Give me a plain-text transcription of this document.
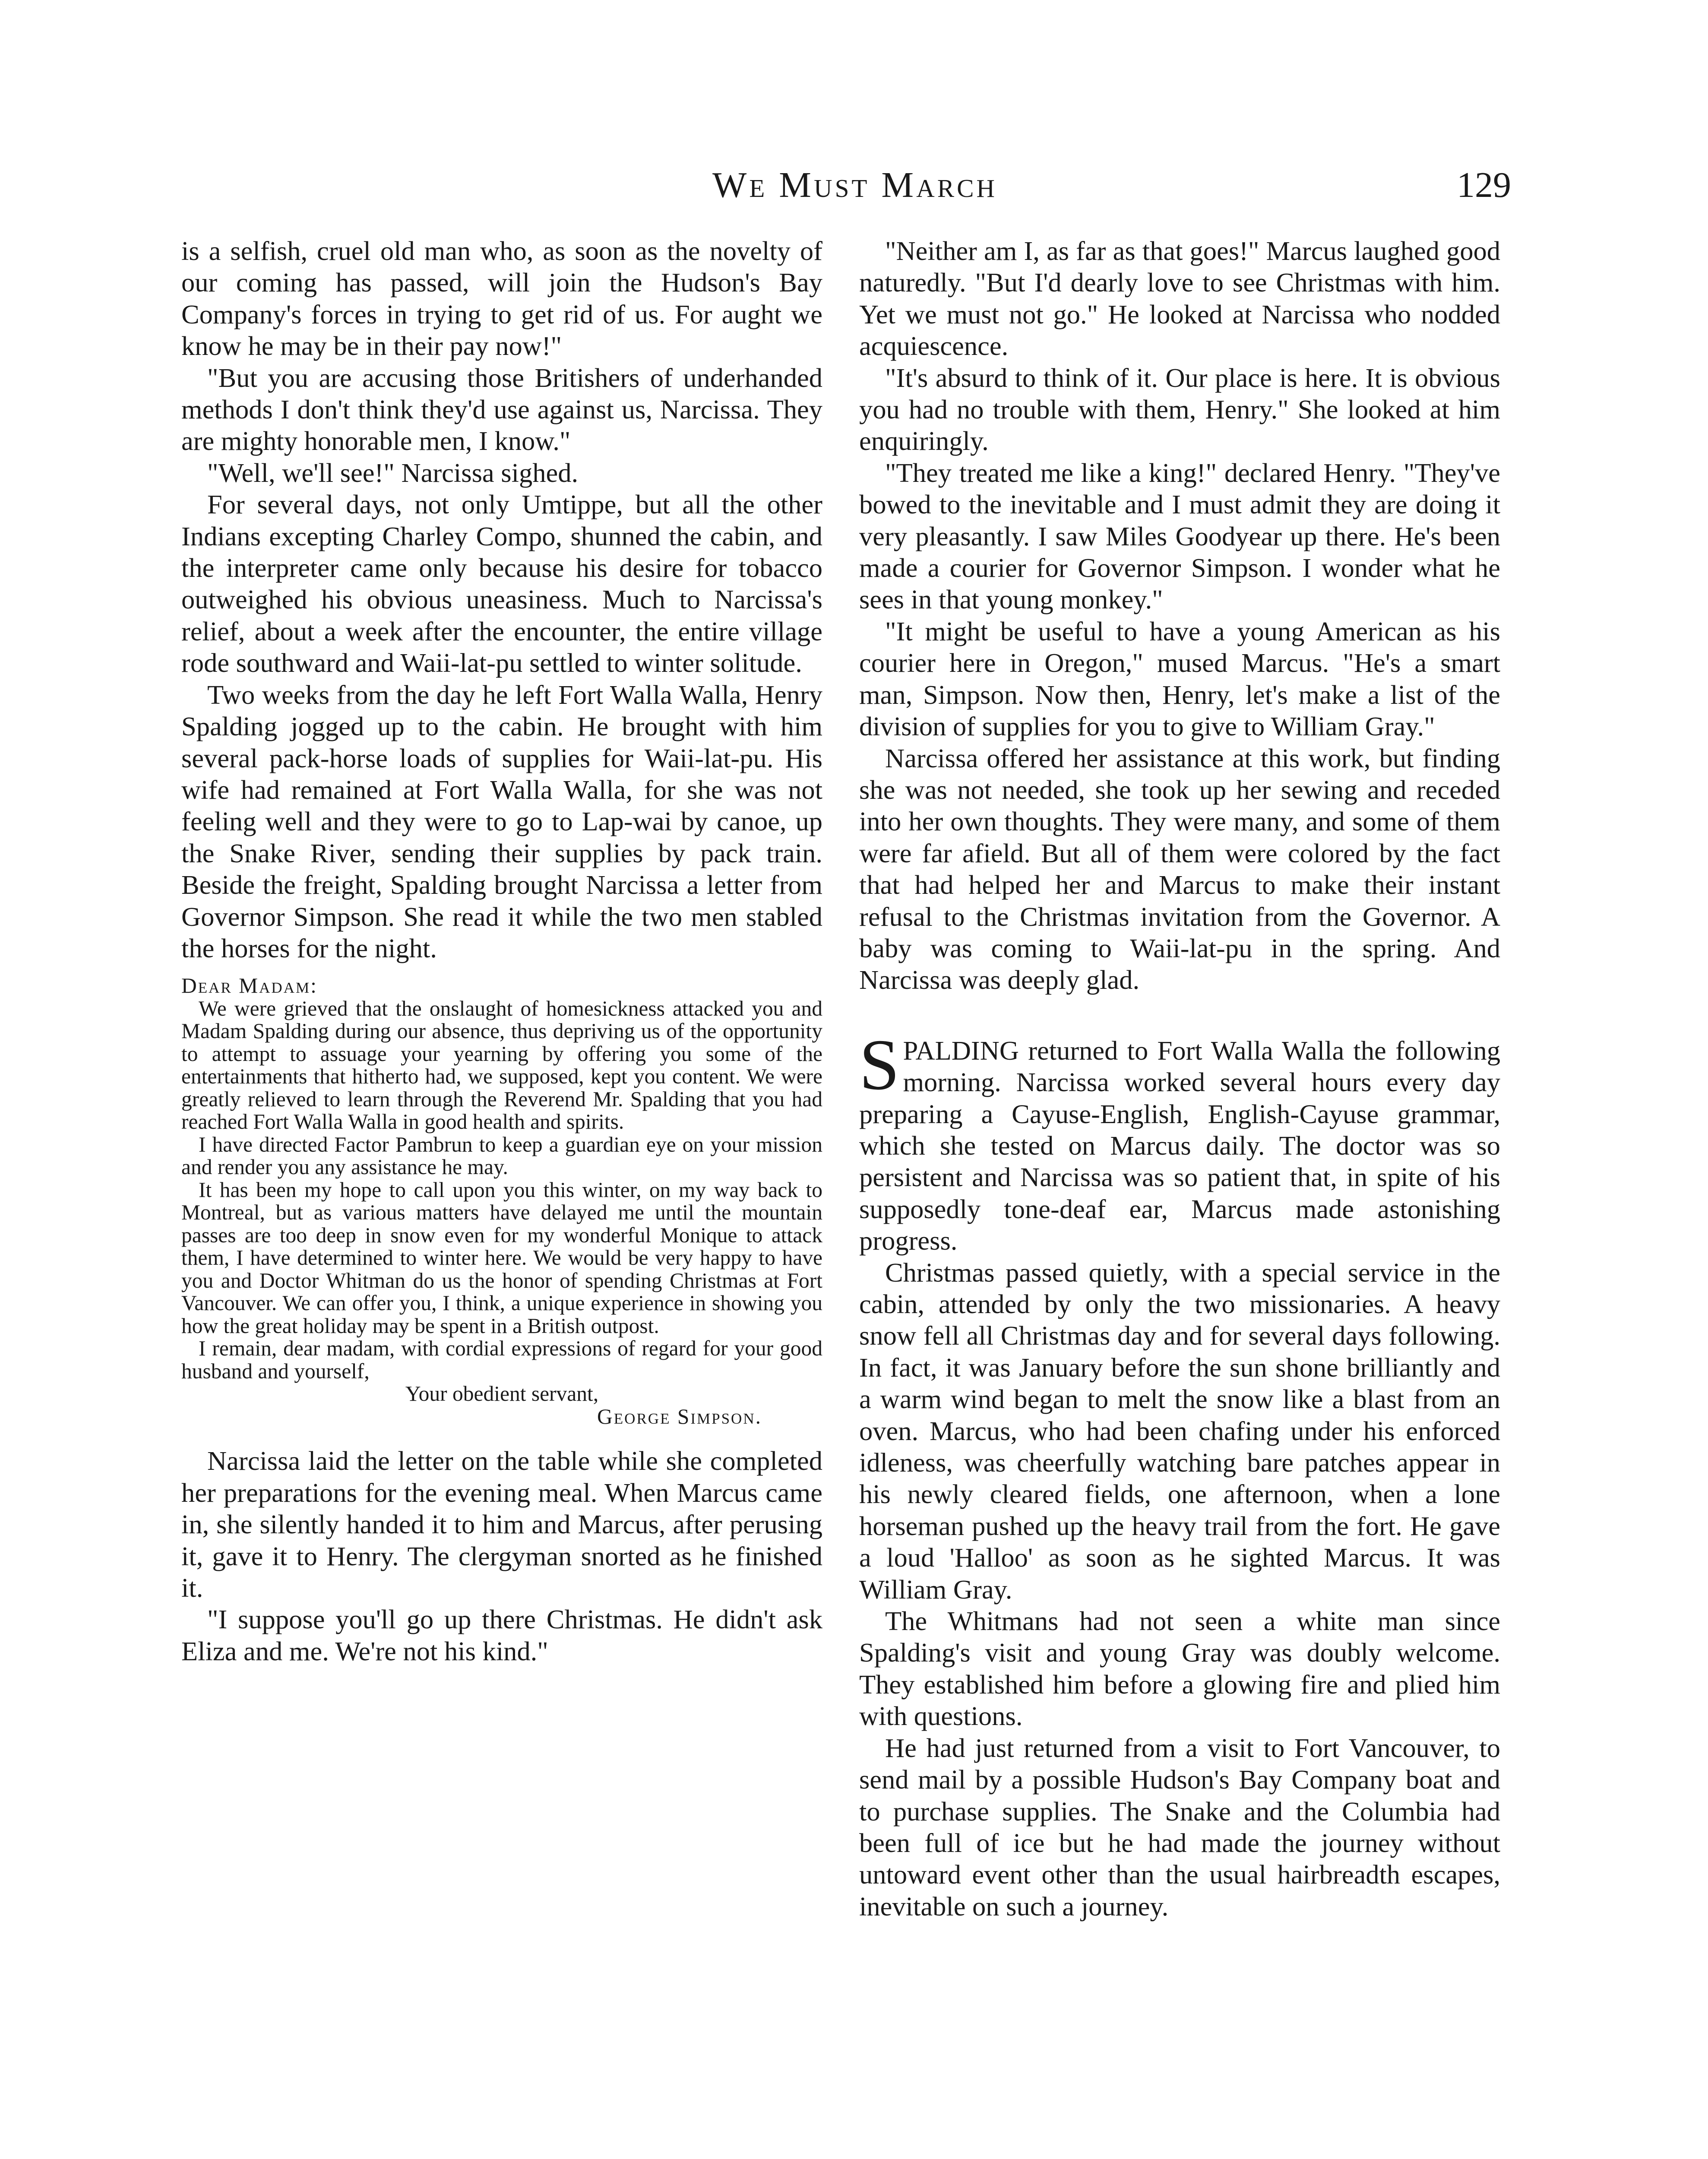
We Must March	129

is a selfish, cruel old man who, as soon as the novelty of our coming has passed, will join the Hudson's Bay Company's forces in trying to get rid of us. For aught we know he may be in their pay now!"

"But you are accusing those Britishers of underhanded methods I don't think they'd use against us, Narcissa. They are mighty honorable men, I know."

"Well, we'll see!" Narcissa sighed.

For several days, not only Umtippe, but all the other Indians excepting Charley Compo, shunned the cabin, and the interpreter came only because his desire for tobacco outweighed his obvious uneasiness. Much to Narcissa's relief, about a week after the encounter, the entire village rode southward and Waii-lat-pu settled to winter solitude.

Two weeks from the day he left Fort Walla Walla, Henry Spalding jogged up to the cabin. He brought with him several pack-horse loads of supplies for Waii-lat-pu. His wife had remained at Fort Walla Walla, for she was not feeling well and they were to go to Lap-wai by canoe, up the Snake River, sending their supplies by pack train. Beside the freight, Spalding brought Narcissa a letter from Governor Simpson. She read it while the two men stabled the horses for the night.

Dear Madam:

We were grieved that the onslaught of homesickness attacked you and Madam Spalding during our absence, thus depriving us of the opportunity to attempt to assuage your yearning by offering you some of the entertainments that hitherto had, we supposed, kept you content. We were greatly relieved to learn through the Reverend Mr. Spalding that you had reached Fort Walla Walla in good health and spirits.

I have directed Factor Pambrun to keep a guardian eye on your mission and render you any assistance he may.

It has been my hope to call upon you this winter, on my way back to Montreal, but as various matters have delayed me until the mountain passes are too deep in snow even for my wonderful Monique to attack them, I have determined to winter here. We would be very happy to have you and Doctor Whitman do us the honor of spending Christmas at Fort Vancouver. We can offer you, I think, a unique experience in showing you how the great holiday may be spent in a British outpost.

I remain, dear madam, with cordial expressions of regard for your good husband and yourself,

Your obedient servant,

George Simpson.

Narcissa laid the letter on the table while she completed her preparations for the evening meal. When Marcus came in, she silently handed it to him and Marcus, after perusing it, gave it to Henry. The clergyman snorted as he finished it.

"I suppose you'll go up there Christmas. He didn't ask Eliza and me. We're not his kind."

"Neither am I, as far as that goes!" Marcus laughed good naturedly. "But I'd dearly love to see Christmas with him. Yet we must not go." He looked at Narcissa who nodded acquiescence.

"It's absurd to think of it. Our place is here. It is obvious you had no trouble with them, Henry." She looked at him enquiringly.

"They treated me like a king!" declared Henry. "They've bowed to the inevitable and I must admit they are doing it very pleasantly. I saw Miles Goodyear up there. He's been made a courier for Governor Simpson. I wonder what he sees in that young monkey."

"It might be useful to have a young American as his courier here in Oregon," mused Marcus. "He's a smart man, Simpson. Now then, Henry, let's make a list of the division of supplies for you to give to William Gray."

Narcissa offered her assistance at this work, but finding she was not needed, she took up her sewing and receded into her own thoughts. They were many, and some of them were far afield. But all of them were colored by the fact that had helped her and Marcus to make their instant refusal to the Christmas invitation from the Governor. A baby was coming to Waii-lat-pu in the spring. And Narcissa was deeply glad.

SPALDING returned to Fort Walla Walla the following morning. Narcissa worked several hours every day preparing a Cayuse-English, English-Cayuse grammar, which she tested on Marcus daily. The doctor was so persistent and Narcissa was so patient that, in spite of his supposedly tone-deaf ear, Marcus made astonishing progress.

Christmas passed quietly, with a special service in the cabin, attended by only the two missionaries. A heavy snow fell all Christmas day and for several days following. In fact, it was January before the sun shone brilliantly and a warm wind began to melt the snow like a blast from an oven. Marcus, who had been chafing under his enforced idleness, was cheerfully watching bare patches appear in his newly cleared fields, one afternoon, when a lone horseman pushed up the heavy trail from the fort. He gave a loud 'Halloo' as soon as he sighted Marcus. It was William Gray.

The Whitmans had not seen a white man since Spalding's visit and young Gray was doubly welcome. They established him before a glowing fire and plied him with questions.

He had just returned from a visit to Fort Vancouver, to send mail by a possible Hudson's Bay Company boat and to purchase supplies. The Snake and the Columbia had been full of ice but he had made the journey without untoward event other than the usual hairbreadth escapes, inevitable on such a journey.
